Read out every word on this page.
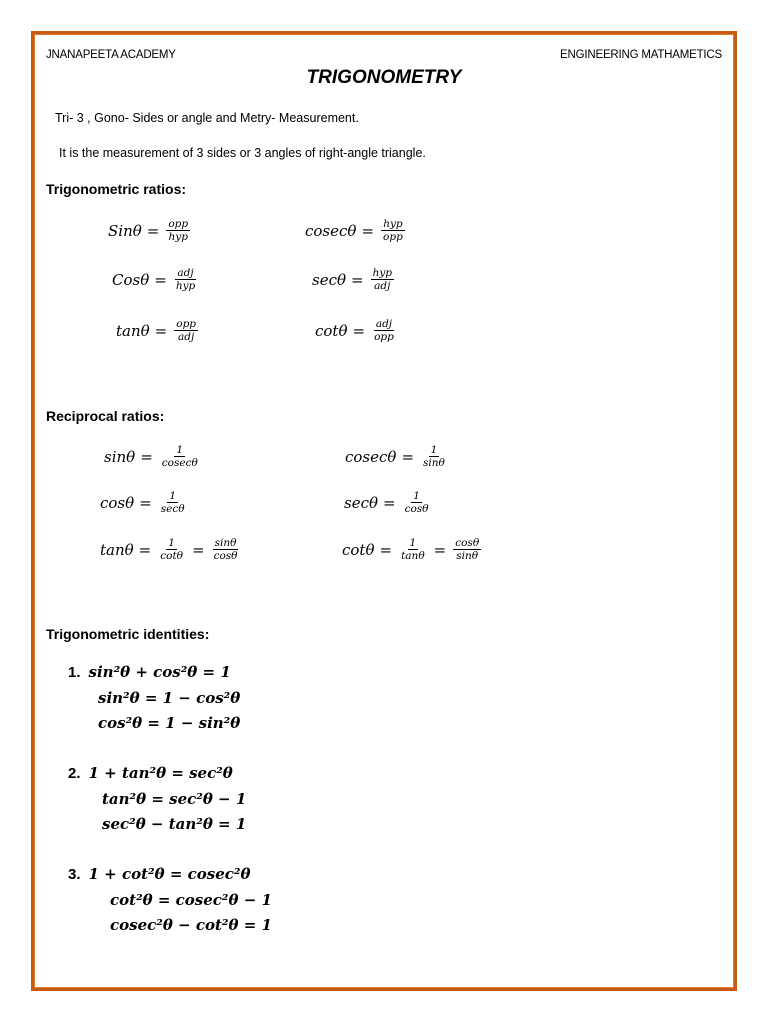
JNANAPEETA ACADEMY	ENGINEERING MATHAMETICS
TRIGONOMETRY
Tri- 3 , Gono- Sides or angle and Metry- Measurement.
It is the measurement of 3 sides or 3 angles of right-angle triangle.
Trigonometric ratios:
$Sin\theta = \frac{\text{opp}}{\text{hyp}}$	$cosec\theta = \frac{\text{hyp}}{\text{opp}}$
$Cos\theta = \frac{\text{adj}}{\text{hyp}}$	$\sec\theta = \frac{\text{hyp}}{\text{adj}}$
$\tan\theta = \frac{\text{opp}}{\text{adj}}$	$\cot\theta = \frac{\text{adj}}{\text{opp}}$
Reciprocal ratios:
$\sin\theta = \frac{1}{cosec\theta}$	$cosec\theta = \frac{1}{\sin\theta}$
$\cos\theta = \frac{1}{\sec\theta}$	$\sec\theta = \frac{1}{\cos\theta}$
$\tan\theta = \frac{1}{\cot\theta} = \frac{\sin\theta}{\cos\theta}$	$\cot\theta = \frac{1}{\tan\theta} = \frac{\cos\theta}{\sin\theta}$
Trigonometric identities:
1. sin²θ + cos²θ = 1
sin²θ = 1 − cos²θ
cos²θ = 1 − sin²θ
2. 1 + tan²θ = sec²θ
tan²θ = sec²θ − 1
sec²θ − tan²θ = 1
3. 1 + cot²θ = cosec²θ
cot²θ = cosec²θ − 1
cosec²θ − cot²θ = 1
